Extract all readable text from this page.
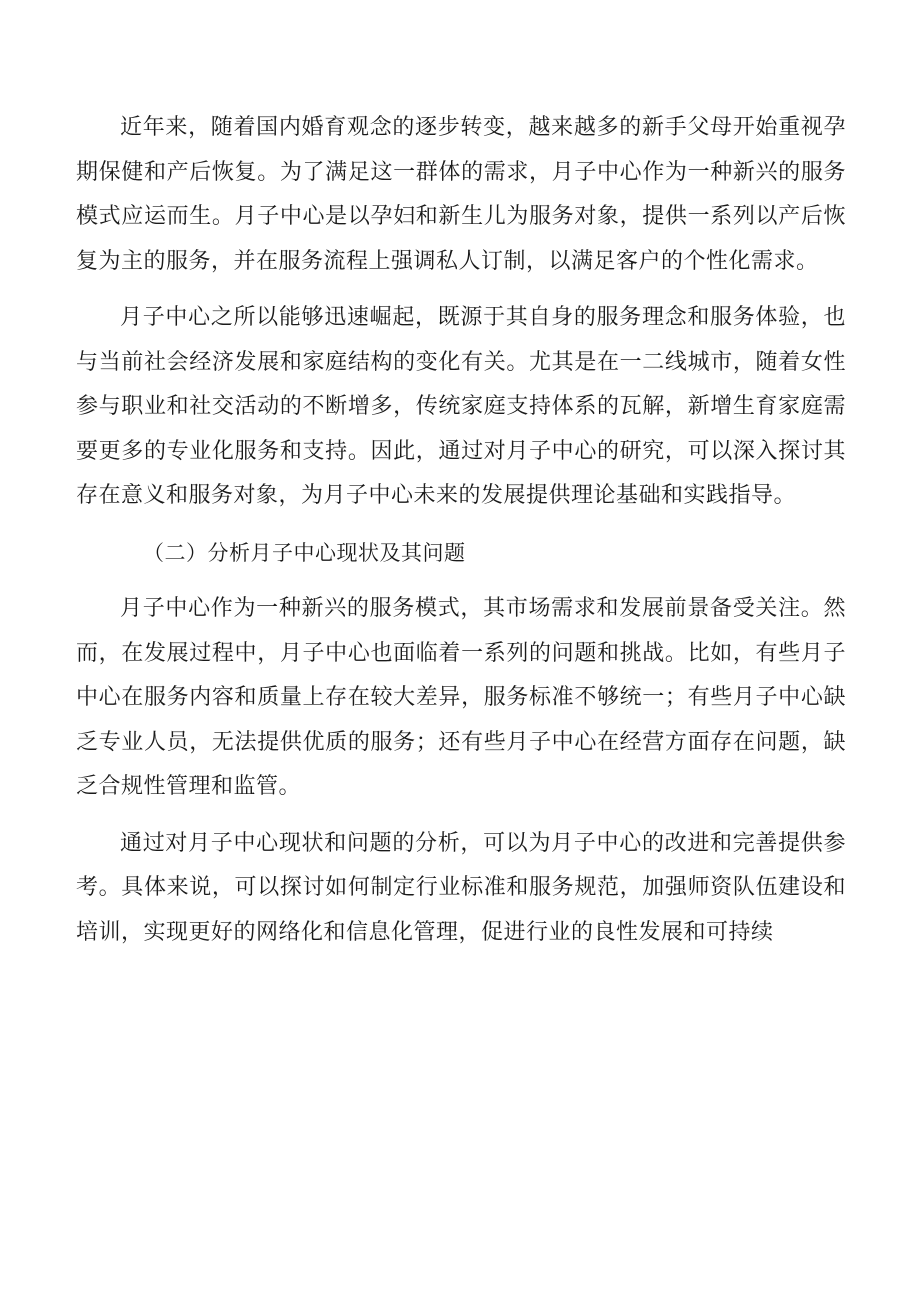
近年来，随着国内婚育观念的逐步转变，越来越多的新手父母开始重视孕期保健和产后恢复。为了满足这一群体的需求，月子中心作为一种新兴的服务模式应运而生。月子中心是以孕妇和新生儿为服务对象，提供一系列以产后恢复为主的服务，并在服务流程上强调私人订制，以满足客户的个性化需求。

月子中心之所以能够迅速崛起，既源于其自身的服务理念和服务体验，也与当前社会经济发展和家庭结构的变化有关。尤其是在一二线城市，随着女性参与职业和社交活动的不断增多，传统家庭支持体系的瓦解，新增生育家庭需要更多的专业化服务和支持。因此，通过对月子中心的研究，可以深入探讨其存在意义和服务对象，为月子中心未来的发展提供理论基础和实践指导。

（二）分析月子中心现状及其问题

月子中心作为一种新兴的服务模式，其市场需求和发展前景备受关注。然而，在发展过程中，月子中心也面临着一系列的问题和挑战。比如，有些月子中心在服务内容和质量上存在较大差异，服务标准不够统一；有些月子中心缺乏专业人员，无法提供优质的服务；还有些月子中心在经营方面存在问题，缺乏合规性管理和监管。

通过对月子中心现状和问题的分析，可以为月子中心的改进和完善提供参考。具体来说，可以探讨如何制定行业标准和服务规范，加强师资队伍建设和培训，实现更好的网络化和信息化管理，促进行业的良性发展和可持续
